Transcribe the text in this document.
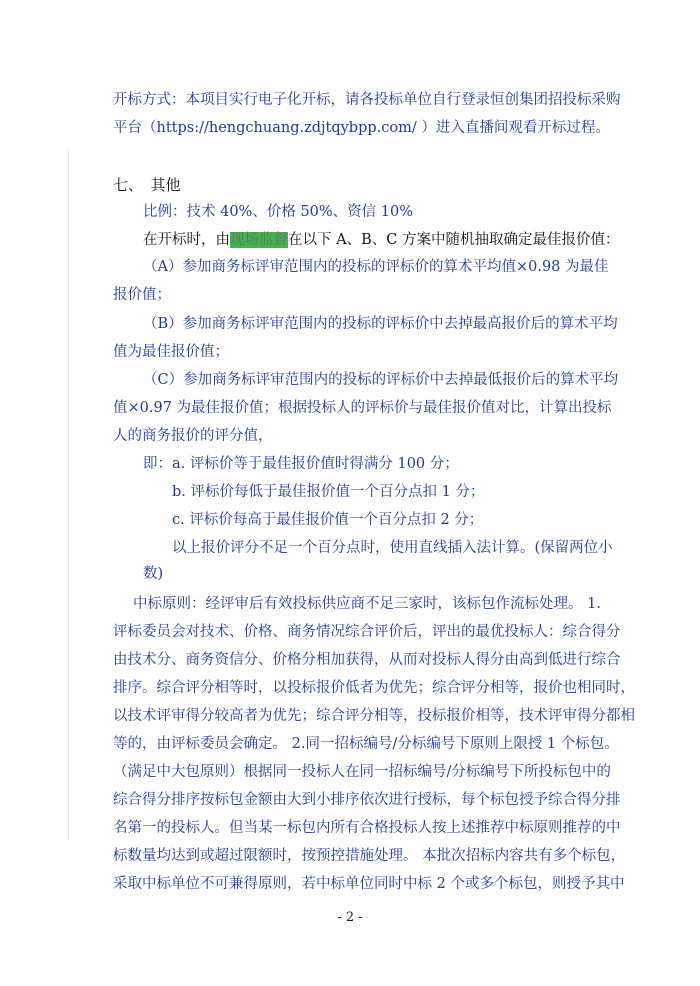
开标方式：本项目实行电子化开标，请各投标单位自行登录恒创集团招投标采购

平台（https://hengchuang.zdjtqybpp.com/ ）进入直播间观看开标过程。

七、　其他

比例：技术 40%、价格 50%、资信 10%

在开标时，由现场监督在以下 A、B、C 方案中随机抽取确定最佳报价值：

（A）参加商务标评审范围内的投标的评标价的算术平均值×0.98 为最佳

报价值；

（B）参加商务标评审范围内的投标的评标价中去掉最高报价后的算术平均

值为最佳报价值；

（C）参加商务标评审范围内的投标的评标价中去掉最低报价后的算术平均

值×0.97 为最佳报价值；根据投标人的评标价与最佳报价值对比，计算出投标

人的商务报价的评分值，

即：a. 评标价等于最佳报价值时得满分 100 分；

b. 评标价每低于最佳报价值一个百分点扣 1 分；

c. 评标价每高于最佳报价值一个百分点扣 2 分；

以上报价评分不足一个百分点时，使用直线插入法计算。(保留两位小

数)

中标原则：经评审后有效投标供应商不足三家时，该标包作流标处理。 1.

评标委员会对技术、价格、商务情况综合评价后，评出的最优投标人：综合得分

由技术分、商务资信分、价格分相加获得，从而对投标人得分由高到低进行综合

排序。综合评分相等时，以投标报价低者为优先；综合评分相等，报价也相同时，

以技术评审得分较高者为优先；综合评分相等，投标报价相等，技术评审得分都相

等的，由评标委员会确定。 2.同一招标编号/分标编号下原则上限授 1 个标包。

（满足中大包原则）根据同一投标人在同一招标编号/分标编号下所投标包中的

综合得分排序按标包金额由大到小排序依次进行授标，每个标包授予综合得分排

名第一的投标人。但当某一标包内所有合格投标人按上述推荐中标原则推荐的中

标数量均达到或超过限额时，按预控措施处理。 本批次招标内容共有多个标包，

采取中标单位不可兼得原则，若中标单位同时中标 2 个或多个标包，则授予其中

- 2 -
